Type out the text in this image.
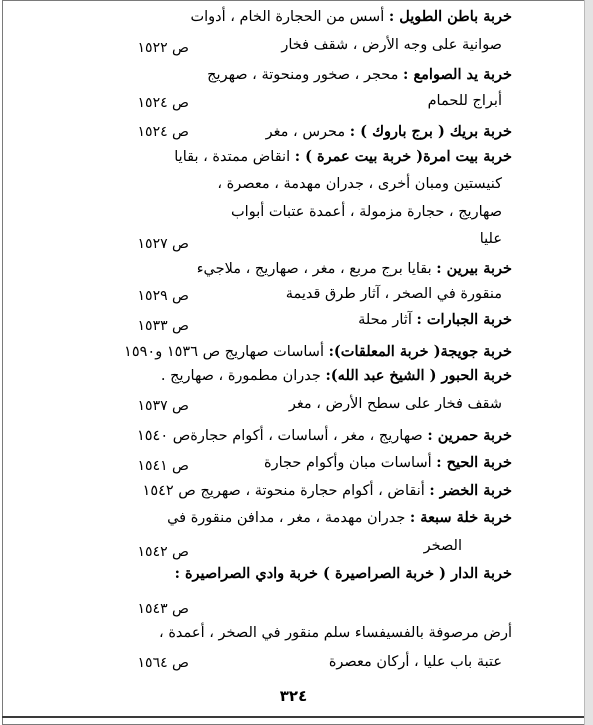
خربة باطن الطويل : أسس من الحجارة الخام ، أدوات
صوانية على وجه الأرض ، شقف فخار
ص ١٥٢٢
خربة يد الصوامع : محجر ، صخور ومنحوتة ، صهريج
أبراج للحمام
ص ١٥٢٤
خربة بريك ( برج باروك ) : محرس ، مغر
ص ١٥٢٤
خربة بيت امرة( خربة بيت عمرة ) : انقاض ممتدة ، بقايا
كنيستين ومبان أخرى ، جدران مهدمة ، معصرة ،
صهاريج ، حجارة مزمولة ، أعمدة عتبات أبواب
عليا
ص ١٥٢٧
خربة بيرين : بقايا برج مربع ، مغر ، صهاريج ، ملاجيء
منقورة في الصخر ، آثار طرق قديمة
ص ١٥٢٩
خربة الجبارات : آثار محلة
ص ١٥٣٣
خربة جويجة( خربة المعلقات): أساسات صهاريج ص ١٥٣٦ و١٥٩٠
خربة الحبور ( الشيخ عبد الله): جدران مطمورة ، صهاريج .
شقف فخار على سطح الأرض ، مغر
ص ١٥٣٧
خربة حمرين : صهاريج ، مغر ، أساسات ، أكوام حجارةص ١٥٤٠
خربة الحيح : أساسات مبان وأكوام حجارة
ص ١٥٤١
خربة الخضر : أنقاض ، أكوام حجارة منحوتة ، صهريج ص ١٥٤٢
خربة خلة سبعة : جدران مهدمة ، مغر ، مدافن منقورة في
الصخر
ص ١٥٤٢
خربة الدار ( خربة الصراصيرة ) خربة وادي الصراصيرة :
ص ١٥٤٣
أرض مرصوفة بالفسيفساء سلم منقور في الصخر ، أعمدة ،
عتبة باب عليا ، أركان معصرة
ص ١٥٦٤
٣٢٤
